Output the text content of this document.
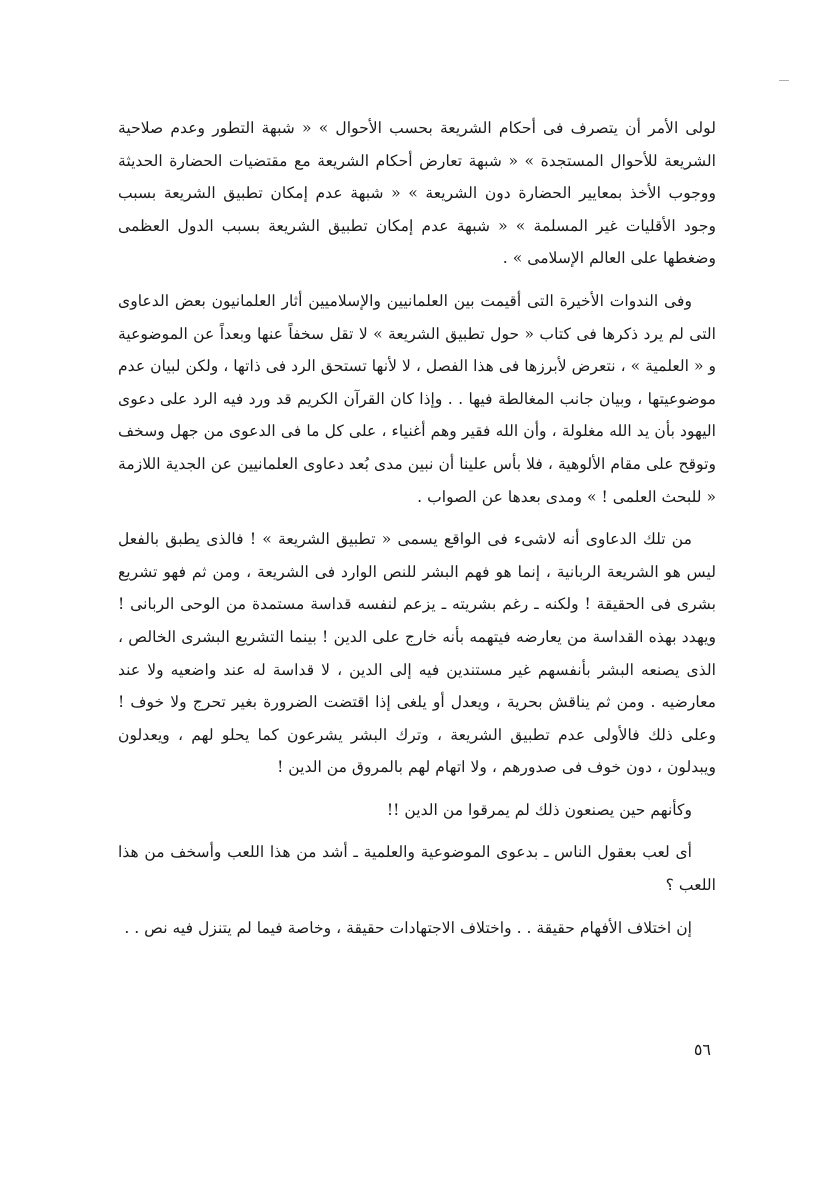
لولى الأمر أن يتصرف فى أحكام الشريعة بحسب الأحوال » « شبهة التطور وعدم صلاحية الشريعة للأحوال المستجدة » « شبهة تعارض أحكام الشريعة مع مقتضيات الحضارة الحديثة ووجوب الأخذ بمعايير الحضارة دون الشريعة » « شبهة عدم إمكان تطبيق الشريعة بسبب وجود الأقليات غير المسلمة » « شبهة عدم إمكان تطبيق الشريعة بسبب الدول العظمى وضغطها على العالم الإسلامى » .

وفى الندوات الأخيرة التى أقيمت بين العلمانيين والإسلاميين أثار العلمانيون بعض الدعاوى التى لم يرد ذكرها فى كتاب « حول تطبيق الشريعة » لا تقل سخفاً عنها وبعداً عن الموضوعية و « العلمية » ، نتعرض لأبرزها فى هذا الفصل ، لا لأنها تستحق الرد فى ذاتها ، ولكن لبيان عدم موضوعيتها ، وبيان جانب المغالطة فيها . . وإذا كان القرآن الكريم قد ورد فيه الرد على دعوى اليهود بأن يد الله مغلولة ، وأن الله فقير وهم أغنياء ، على كل ما فى الدعوى من جهل وسخف وتوقح على مقام الألوهية ، فلا بأس علينا أن نبين مدى بُعد دعاوى العلمانيين عن الجدية اللازمة « للبحث العلمى ! » ومدى بعدها عن الصواب .

من تلك الدعاوى أنه لاشىء فى الواقع يسمى « تطبيق الشريعة » ! فالذى يطبق بالفعل ليس هو الشريعة الربانية ، إنما هو فهم البشر للنص الوارد فى الشريعة ، ومن ثم فهو تشريع بشرى فى الحقيقة ! ولكنه ـ رغم بشريته ـ يزعم لنفسه قداسة مستمدة من الوحى الربانى ! ويهدد بهذه القداسة من يعارضه فيتهمه بأنه خارج على الدين ! بينما التشريع البشرى الخالص ، الذى يصنعه البشر بأنفسهم غير مستندين فيه إلى الدين ، لا قداسة له عند واضعيه ولا عند معارضيه . ومن ثم يناقش بحرية ، ويعدل أو يلغى إذا اقتضت الضرورة بغير تحرج ولا خوف ! وعلى ذلك فالأولى عدم تطبيق الشريعة ، وترك البشر يشرعون كما يحلو لهم ، ويعدلون ويبدلون ، دون خوف فى صدورهم ، ولا اتهام لهم بالمروق من الدين !

وكأنهم حين يصنعون ذلك لم يمرقوا من الدين !!

أى لعب بعقول الناس ـ بدعوى الموضوعية والعلمية ـ أشد من هذا اللعب وأسخف من هذا اللعب ؟

إن اختلاف الأفهام حقيقة . . واختلاف الاجتهادات حقيقة ، وخاصة فيما لم يتنزل فيه نص . .

٥٦
